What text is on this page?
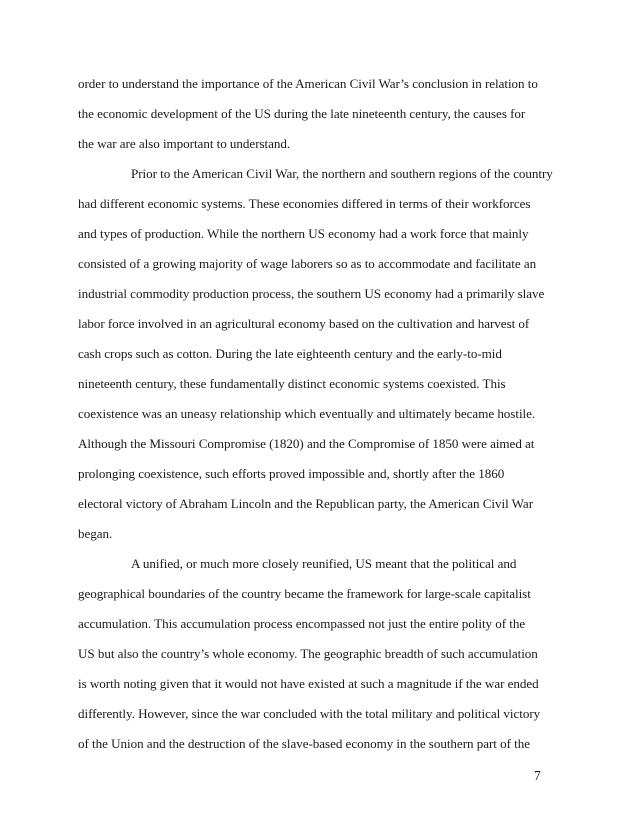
order to understand the importance of the American Civil War’s conclusion in relation to
the economic development of the US during the late nineteenth century, the causes for
the war are also important to understand.
Prior to the American Civil War, the northern and southern regions of the country
had different economic systems. These economies differed in terms of their workforces
and types of production. While the northern US economy had a work force that mainly
consisted of a growing majority of wage laborers so as to accommodate and facilitate an
industrial commodity production process, the southern US economy had a primarily slave
labor force involved in an agricultural economy based on the cultivation and harvest of
cash crops such as cotton. During the late eighteenth century and the early-to-mid
nineteenth century, these fundamentally distinct economic systems coexisted. This
coexistence was an uneasy relationship which eventually and ultimately became hostile.
Although the Missouri Compromise (1820) and the Compromise of 1850 were aimed at
prolonging coexistence, such efforts proved impossible and, shortly after the 1860
electoral victory of Abraham Lincoln and the Republican party, the American Civil War
began.
A unified, or much more closely reunified, US meant that the political and
geographical boundaries of the country became the framework for large-scale capitalist
accumulation. This accumulation process encompassed not just the entire polity of the
US but also the country’s whole economy. The geographic breadth of such accumulation
is worth noting given that it would not have existed at such a magnitude if the war ended
differently. However, since the war concluded with the total military and political victory
of the Union and the destruction of the slave-based economy in the southern part of the
7
